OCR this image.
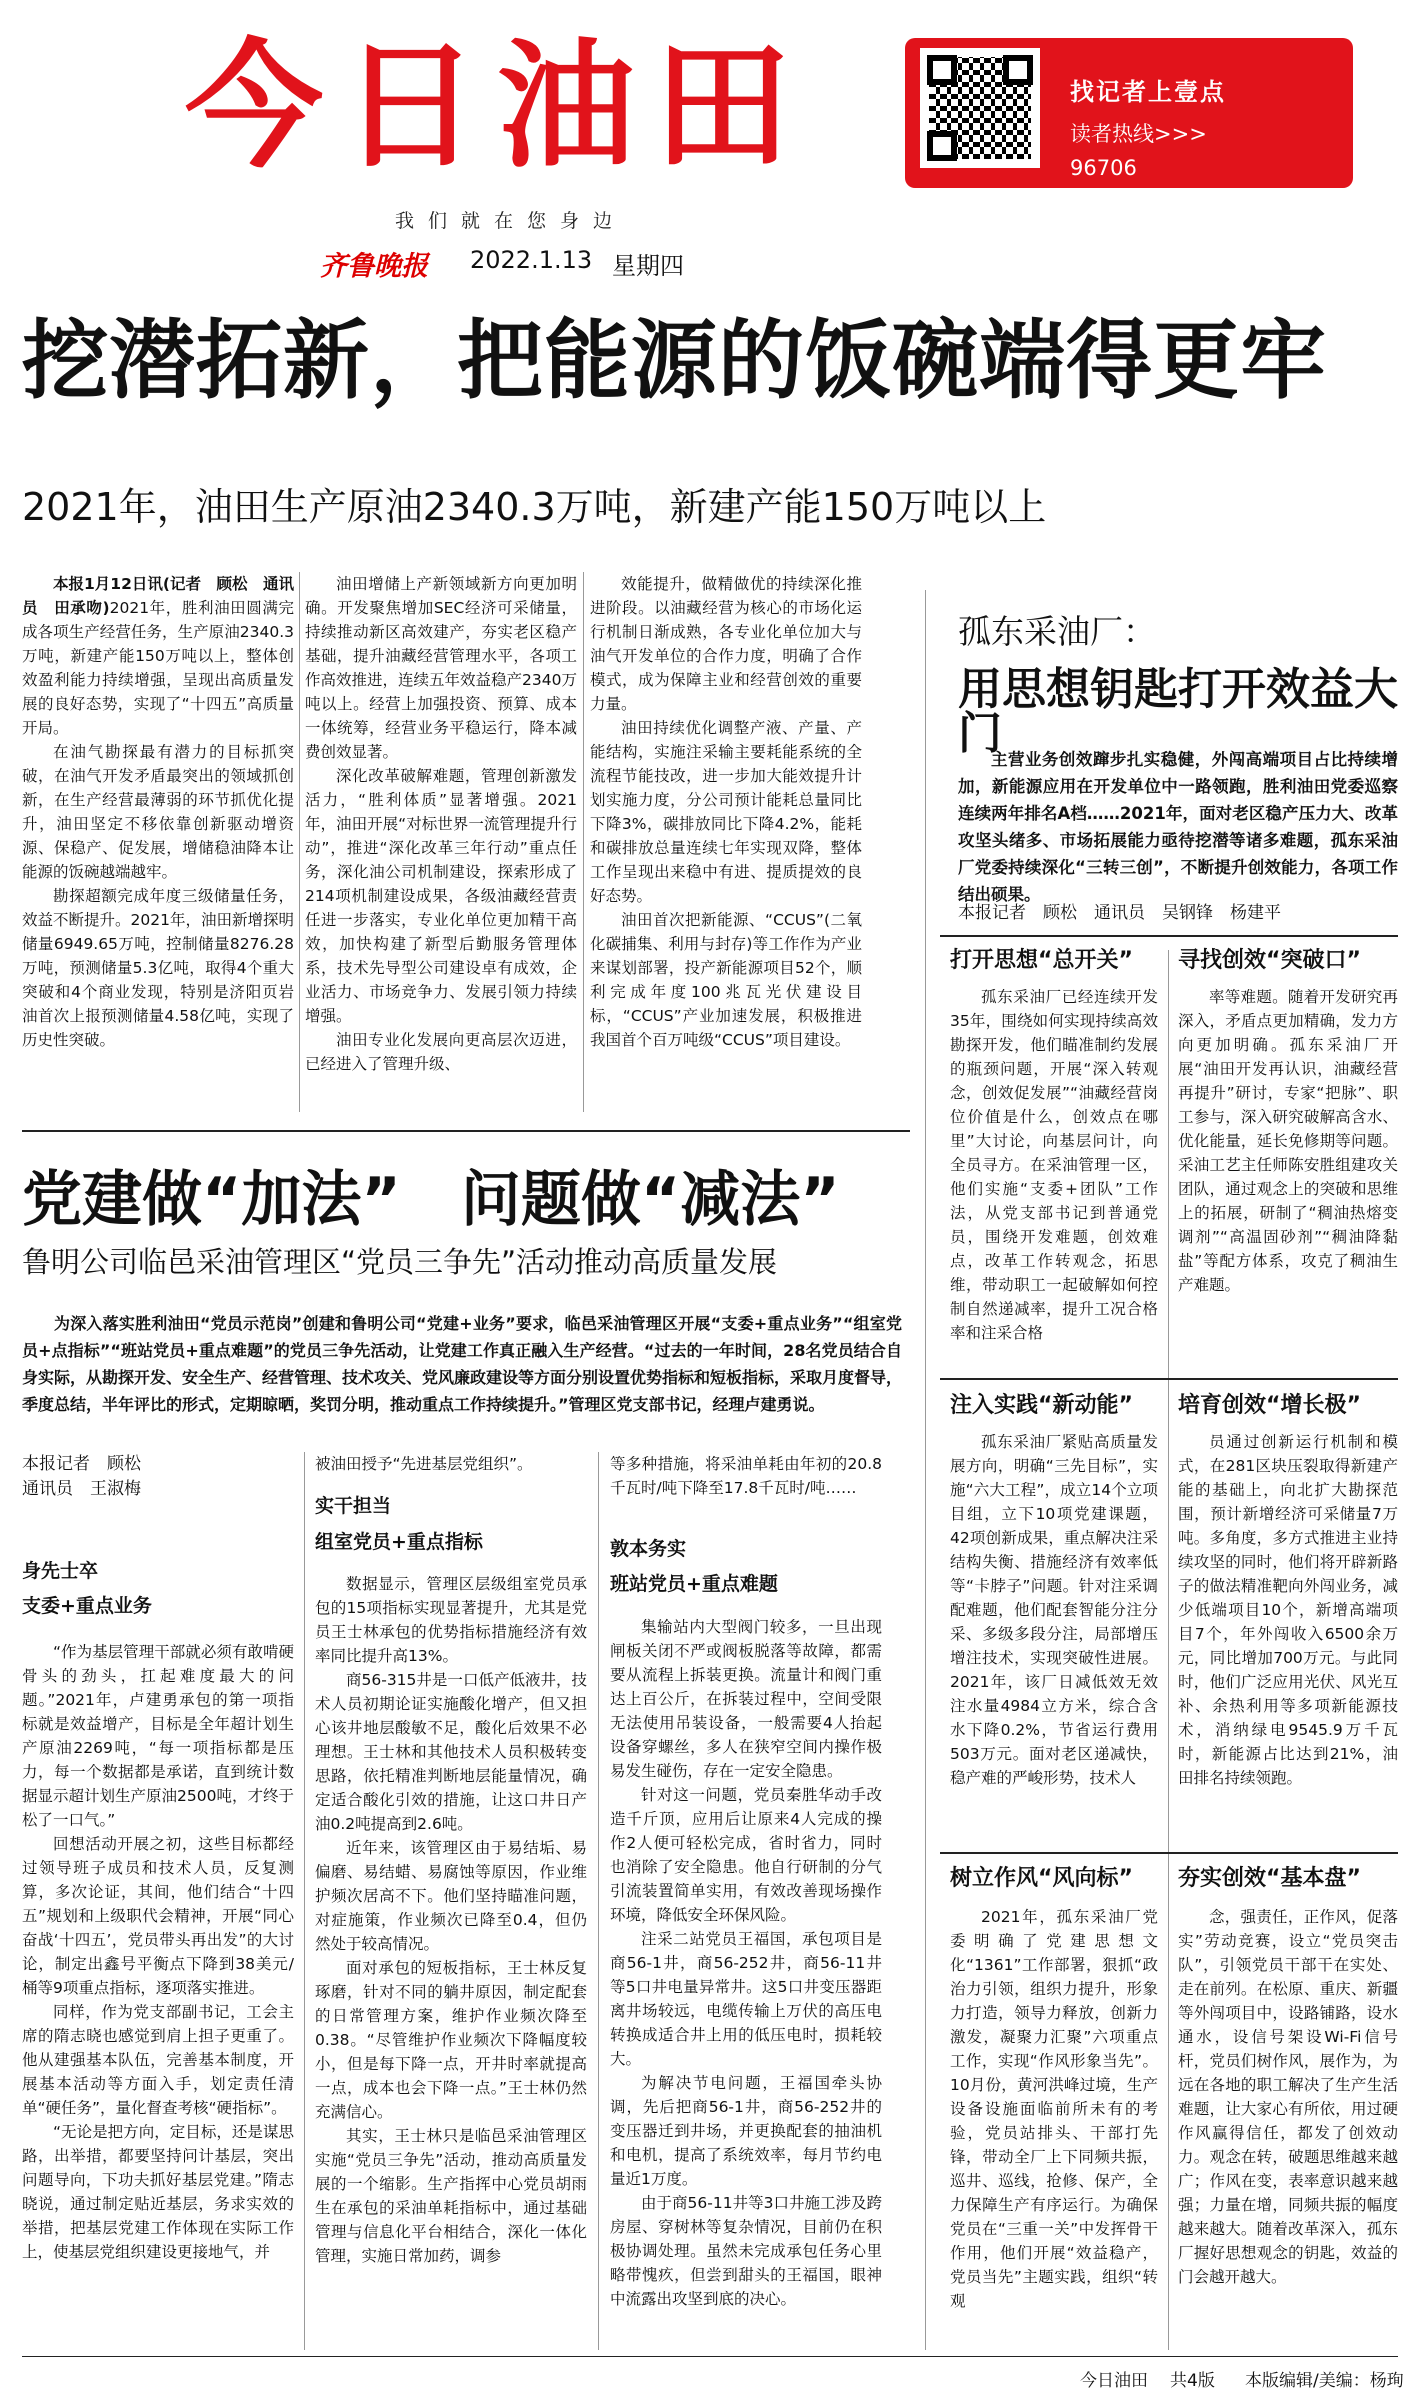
今日油田
我们就在您身边
齐鲁晚报 2022.1.13 星期四
找记者上壹点
读者热线>>>
96706
挖潜拓新，把能源的饭碗端得更牢
2021年，油田生产原油2340.3万吨，新建产能150万吨以上

本报1月12日讯(记者　顾松　通讯员　田承吻)2021年，胜利油田圆满完成各项生产经营任务，生产原油2340.3万吨，新建产能150万吨以上，整体创效盈利能力持续增强，呈现出高质量发展的良好态势，实现了“十四五”高质量开局。

在油气勘探最有潜力的目标抓突破，在油气开发矛盾最突出的领域抓创新，在生产经营最薄弱的环节抓优化提升，油田坚定不移依靠创新驱动增资源、保稳产、促发展，增储稳油降本让能源的饭碗越端越牢。

勘探超额完成年度三级储量任务，效益不断提升。2021年，油田新增探明储量6949.65万吨，控制储量8276.28万吨，预测储量5.3亿吨，取得4个重大突破和4个商业发现，特别是济阳页岩油首次上报预测储量4.58亿吨，实现了历史性突破。

油田增储上产新领域新方向更加明确。开发聚焦增加SEC经济可采储量，持续推动新区高效建产，夯实老区稳产基础，提升油藏经营管理水平，各项工作高效推进，连续五年效益稳产2340万吨以上。经营上加强投资、预算、成本一体统筹，经营业务平稳运行，降本减费创效显著。

深化改革破解难题，管理创新激发活力，“胜利体质”显著增强。2021年，油田开展“对标世界一流管理提升行动”，推进“深化改革三年行动”重点任务，深化油公司机制建设，探索形成了214项机制建设成果，各级油藏经营责任进一步落实，专业化单位更加精干高效，加快构建了新型后勤服务管理体系，技术先导型公司建设卓有成效，企业活力、市场竞争力、发展引领力持续增强。

油田专业化发展向更高层次迈进，已经进入了管理升级、

效能提升，做精做优的持续深化推进阶段。以油藏经营为核心的市场化运行机制日渐成熟，各专业化单位加大与油气开发单位的合作力度，明确了合作模式，成为保障主业和经营创效的重要力量。

油田持续优化调整产液、产量、产能结构，实施注采输主要耗能系统的全流程节能技改，进一步加大能效提升计划实施力度，分公司预计能耗总量同比下降3%，碳排放同比下降4.2%，能耗和碳排放总量连续七年实现双降，整体工作呈现出来稳中有进、提质提效的良好态势。

油田首次把新能源、“CCUS”(二氧化碳捕集、利用与封存)等工作作为产业来谋划部署，投产新能源项目52个，顺利完成年度100兆瓦光伏建设目标，“CCUS”产业加速发展，积极推进我国首个百万吨级“CCUS”项目建设。

孤东采油厂：
用思想钥匙打开效益大门
主营业务创效蹿步扎实稳健，外闯高端项目占比持续增加，新能源应用在开发单位中一路领跑，胜利油田党委巡察连续两年排名A档……2021年，面对老区稳产压力大、改革攻坚头绪多、市场拓展能力亟待挖潜等诸多难题，孤东采油厂党委持续深化“三转三创”，不断提升创效能力，各项工作结出硕果。
本报记者　顾松　通讯员　吴钢锋　杨建平
打开思想“总开关” 寻找创效“突破口”
孤东采油厂已经连续开发35年，围绕如何实现持续高效勘探开发，他们瞄准制约发展的瓶颈问题，开展“深入转观念，创效促发展”“油藏经营岗位价值是什么，创效点在哪里”大讨论，向基层问计，向全员寻方。在采油管理一区，他们实施“支委+团队”工作法，从党支部书记到普通党员，围绕开发难题，创效难点，改革工作转观念，拓思维，带动职工一起破解如何控制自然递减率，提升工况合格率和注采合格
率等难题。随着开发研究再深入，矛盾点更加精确，发力方向更加明确。孤东采油厂开展“油田开发再认识，油藏经营再提升”研讨，专家“把脉”、职工参与，深入研究破解高含水、优化能量，延长免修期等问题。采油工艺主任师陈安胜组建攻关团队，通过观念上的突破和思维上的拓展，研制了“稠油热熔变调剂”“高温固砂剂”“稠油降黏盐”等配方体系，攻克了稠油生产难题。
注入实践“新动能” 培育创效“增长极”
孤东采油厂紧贴高质量发展方向，明确“三先目标”，实施“六大工程”，成立14个立项目组，立下10项党建课题，42项创新成果，重点解决注采结构失衡、措施经济有效率低等“卡脖子”问题。针对注采调配难题，他们配套智能分注分采、多级多段分注，局部增压增注技术，实现突破性进展。2021年，该厂日减低效无效注水量4984立方米，综合含水下降0.2%，节省运行费用503万元。面对老区递减快，稳产难的严峻形势，技术人
员通过创新运行机制和模式，在281区块压裂取得新建产能的基础上，向北扩大勘探范围，预计新增经济可采储量7万吨。多角度，多方式推进主业持续攻坚的同时，他们将开辟新路子的做法精准靶向外闯业务，减少低端项目10个，新增高端项目7个，年外闯收入6500余万元，同比增加700万元。与此同时，他们广泛应用光伏、风光互补、余热利用等多项新能源技术，消纳绿电9545.9万千瓦时，新能源占比达到21%，油田排名持续领跑。
树立作风“风向标” 夯实创效“基本盘”
2021年，孤东采油厂党委明确了党建思想文化“1361”工作部署，狠抓“政治力引领，组织力提升，形象力打造，领导力释放，创新力激发，凝聚力汇聚”六项重点工作，实现“作风形象当先”。10月份，黄河洪峰过境，生产设备设施面临前所未有的考验，党员站排头、干部打先锋，带动全厂上下同频共振，巡井、巡线，抢修、保产，全力保障生产有序运行。为确保党员在“三重一关”中发挥骨干作用，他们开展“效益稳产，党员当先”主题实践，组织“转观
念，强责任，正作风，促落实”劳动竞赛，设立“党员突击队”，引领党员干部干在实处、走在前列。在松原、重庆、新疆等外闯项目中，设路铺路，设水通水，设信号架设Wi-Fi信号杆，党员们树作风，展作为，为远在各地的职工解决了生产生活难题，让大家心有所依，用过硬作风赢得信任，都发了创效动力。观念在转，破题思维越来越广；作风在变，表率意识越来越强；力量在增，同频共振的幅度越来越大。随着改革深入，孤东厂握好思想观念的钥匙，效益的门会越开越大。
党建做“加法”　问题做“减法”
鲁明公司临邑采油管理区“党员三争先”活动推动高质量发展
为深入落实胜利油田“党员示范岗”创建和鲁明公司“党建+业务”要求，临邑采油管理区开展“支委+重点业务”“组室党员+点指标”“班站党员+重点难题”的党员三争先活动，让党建工作真正融入生产经营。“过去的一年时间，28名党员结合自身实际，从勘探开发、安全生产、经营管理、技术攻关、党风廉政建设等方面分别设置优势指标和短板指标，采取月度督导，季度总结，半年评比的形式，定期晾晒，奖罚分明，推动重点工作持续提升。”管理区党支部书记，经理卢建勇说。
本报记者　顾松
通讯员　王淑梅
身先士卒
支委+重点业务

“作为基层管理干部就必须有敢啃硬骨头的劲头，扛起难度最大的问题。”2021年，卢建勇承包的第一项指标就是效益增产，目标是全年超计划生产原油2269吨，“每一项指标都是压力，每一个数据都是承诺，直到统计数据显示超计划生产原油2500吨，才终于松了一口气。”

回想活动开展之初，这些目标都经过领导班子成员和技术人员，反复测算，多次论证，其间，他们结合“十四五”规划和上级职代会精神，开展“同心奋战‘十四五’，党员带头再出发”的大讨论，制定出鑫号平衡点下降到38美元/桶等9项重点指标，逐项落实推进。

同样，作为党支部副书记，工会主席的隋志晓也感觉到肩上担子更重了。他从建强基本队伍，完善基本制度，开展基本活动等方面入手，划定责任清单“硬任务”，量化督查考核“硬指标”。

“无论是把方向，定目标，还是谋思路，出举措，都要坚持问计基层，突出问题导向，下功夫抓好基层党建。”隋志晓说，通过制定贴近基层，务求实效的举措，把基层党建工作体现在实际工作上，使基层党组织建设更接地气，并

被油田授予“先进基层党组织”。
实干担当
组室党员+重点指标

数据显示，管理区层级组室党员承包的15项指标实现显著提升，尤其是党员王士林承包的优势指标措施经济有效率同比提升高13%。

商56-315井是一口低产低液井，技术人员初期论证实施酸化增产，但又担心该井地层酸敏不足，酸化后效果不必理想。王士林和其他技术人员积极转变思路，依托精准判断地层能量情况，确定适合酸化引效的措施，让这口井日产油0.2吨提高到2.6吨。

近年来，该管理区由于易结垢、易偏磨、易结蜡、易腐蚀等原因，作业维护频次居高不下。他们坚持瞄准问题，对症施策，作业频次已降至0.4，但仍然处于较高情况。

面对承包的短板指标，王士林反复琢磨，针对不同的躺井原因，制定配套的日常管理方案，维护作业频次降至0.38。“尽管维护作业频次下降幅度较小，但是每下降一点，开井时率就提高一点，成本也会下降一点。”王士林仍然充满信心。

其实，王士林只是临邑采油管理区实施“党员三争先”活动，推动高质量发展的一个缩影。生产指挥中心党员胡雨生在承包的采油单耗指标中，通过基础管理与信息化平台相结合，深化一体化管理，实施日常加药，调参

等多种措施，将采油单耗由年初的20.8千瓦时/吨下降至17.8千瓦时/吨……
敦本务实
班站党员+重点难题

集输站内大型阀门较多，一旦出现闸板关闭不严或阀板脱落等故障，都需要从流程上拆装更换。流量计和阀门重达上百公斤，在拆装过程中，空间受限无法使用吊装设备，一般需要4人抬起设备穿螺丝，多人在狭窄空间内操作极易发生碰伤，存在一定安全隐患。

针对这一问题，党员秦胜华动手改造千斤顶，应用后让原来4人完成的操作2人便可轻松完成，省时省力，同时也消除了安全隐患。他自行研制的分气引流装置简单实用，有效改善现场操作环境，降低安全环保风险。

注采二站党员王福国，承包项目是商56-1井，商56-252井，商56-11井等5口井电量异常井。这5口井变压器距离井场较远，电缆传输上万伏的高压电转换成适合井上用的低压电时，损耗较大。

为解决节电问题，王福国牵头协调，先后把商56-1井，商56-252井的变压器迁到井场，并更换配套的抽油机和电机，提高了系统效率，每月节约电量近1万度。

由于商56-11井等3口井施工涉及跨房屋、穿树林等复杂情况，目前仍在积极协调处理。虽然未完成承包任务心里略带愧疚，但尝到甜头的王福国，眼神中流露出攻坚到底的决心。

今日油田 共4版 本版编辑/美编：杨珣
